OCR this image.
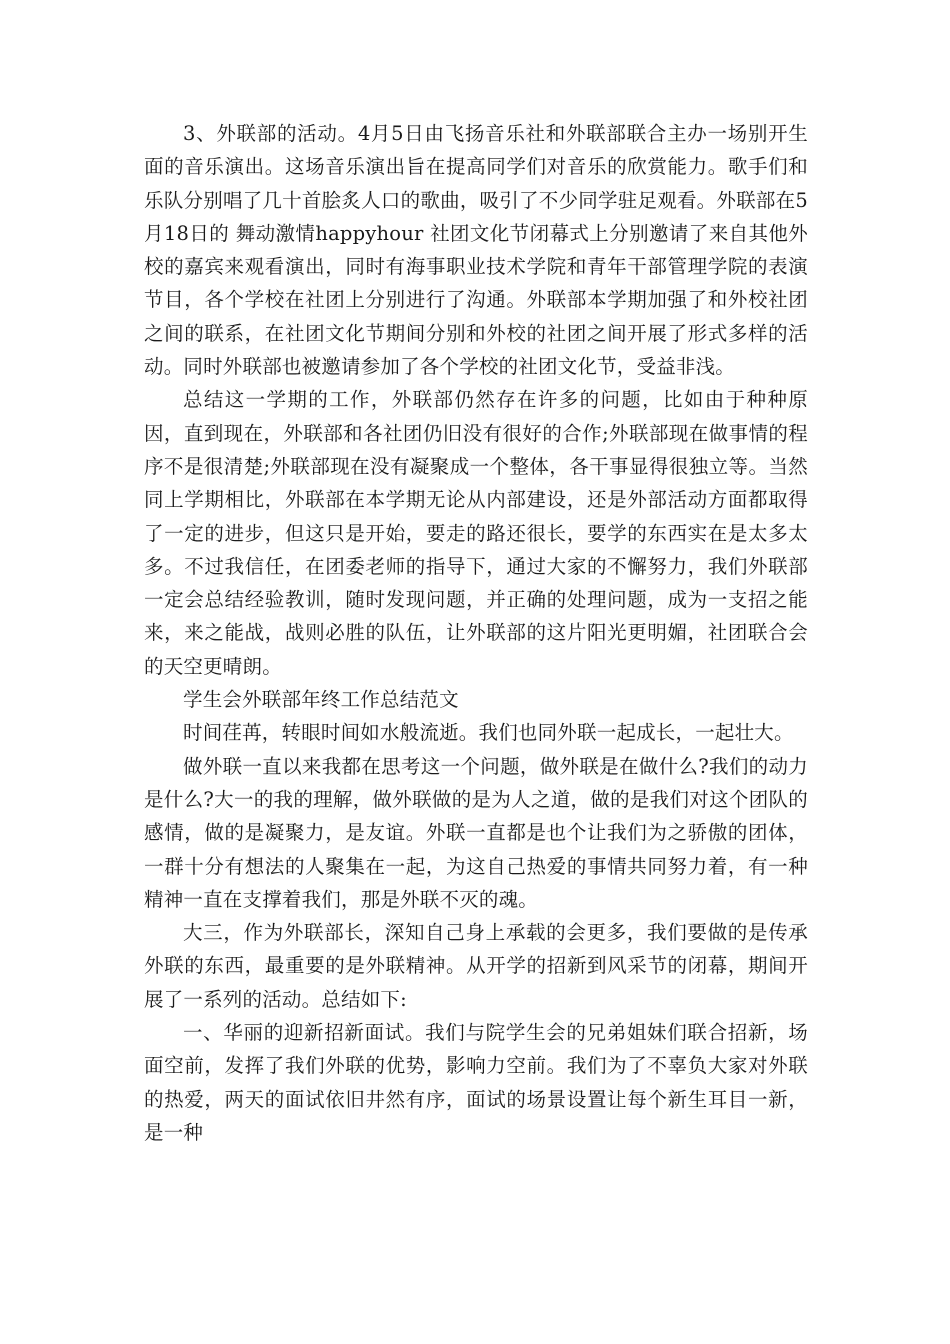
3、外联部的活动。4月5日由飞扬音乐社和外联部联合主办一场别开生面的音乐演出。这场音乐演出旨在提高同学们对音乐的欣赏能力。歌手们和乐队分别唱了几十首脍炙人口的歌曲，吸引了不少同学驻足观看。外联部在5月18日的 舞动激情happyhour 社团文化节闭幕式上分别邀请了来自其他外校的嘉宾来观看演出，同时有海事职业技术学院和青年干部管理学院的表演节目，各个学校在社团上分别进行了沟通。外联部本学期加强了和外校社团之间的联系，在社团文化节期间分别和外校的社团之间开展了形式多样的活动。同时外联部也被邀请参加了各个学校的社团文化节，受益非浅。

总结这一学期的工作，外联部仍然存在许多的问题，比如由于种种原因，直到现在，外联部和各社团仍旧没有很好的合作;外联部现在做事情的程序不是很清楚;外联部现在没有凝聚成一个整体，各干事显得很独立等。当然同上学期相比，外联部在本学期无论从内部建设，还是外部活动方面都取得了一定的进步，但这只是开始，要走的路还很长，要学的东西实在是太多太多。不过我信任，在团委老师的指导下，通过大家的不懈努力，我们外联部一定会总结经验教训，随时发现问题，并正确的处理问题，成为一支招之能来，来之能战，战则必胜的队伍，让外联部的这片阳光更明媚，社团联合会的天空更晴朗。

学生会外联部年终工作总结范文

时间荏苒，转眼时间如水般流逝。我们也同外联一起成长，一起壮大。

做外联一直以来我都在思考这一个问题，做外联是在做什么?我们的动力是什么?大一的我的理解，做外联做的是为人之道，做的是我们对这个团队的感情，做的是凝聚力，是友谊。外联一直都是也个让我们为之骄傲的团体，一群十分有想法的人聚集在一起，为这自己热爱的事情共同努力着，有一种精神一直在支撑着我们，那是外联不灭的魂。

大三，作为外联部长，深知自己身上承载的会更多，我们要做的是传承外联的东西，最重要的是外联精神。从开学的招新到风采节的闭幕，期间开展了一系列的活动。总结如下:

一、华丽的迎新招新面试。我们与院学生会的兄弟姐妹们联合招新，场面空前，发挥了我们外联的优势，影响力空前。我们为了不辜负大家对外联的热爱，两天的面试依旧井然有序，面试的场景设置让每个新生耳目一新，是一种
